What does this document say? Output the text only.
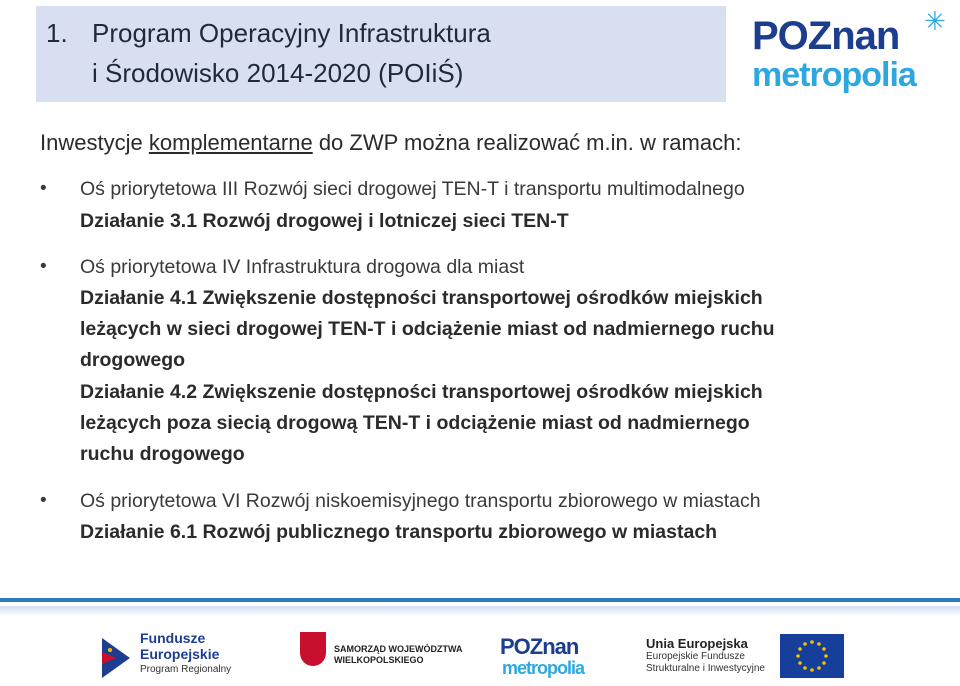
1. Program Operacyjny Infrastruktura
i Środowisko 2014-2020 (POIiŚ)
POZnan ✳
metropolia
Inwestycje komplementarne do ZWP można realizować m.in. w ramach:
• Oś priorytetowa III Rozwój sieci drogowej TEN-T i transportu multimodalnego
Działanie 3.1 Rozwój drogowej i lotniczej sieci TEN-T
• Oś priorytetowa IV Infrastruktura drogowa dla miast
Działanie 4.1 Zwiększenie dostępności transportowej ośrodków miejskich
leżących w sieci drogowej TEN-T i odciążenie miast od nadmiernego ruchu
drogowego
Działanie 4.2 Zwiększenie dostępności transportowej ośrodków miejskich
leżących poza siecią drogową TEN-T i odciążenie miast od nadmiernego
ruchu drogowego
• Oś priorytetowa VI Rozwój niskoemisyjnego transportu zbiorowego w miastach
Działanie 6.1 Rozwój publicznego transportu zbiorowego w miastach
Fundusze
Europejskie
Program Regionalny
SAMORZĄD WOJEWÓDZTWA
WIELKOPOLSKIEGO
POZnan
metropolia
Unia Europejska
Europejskie Fundusze
Strukturalne i Inwestycyjne
